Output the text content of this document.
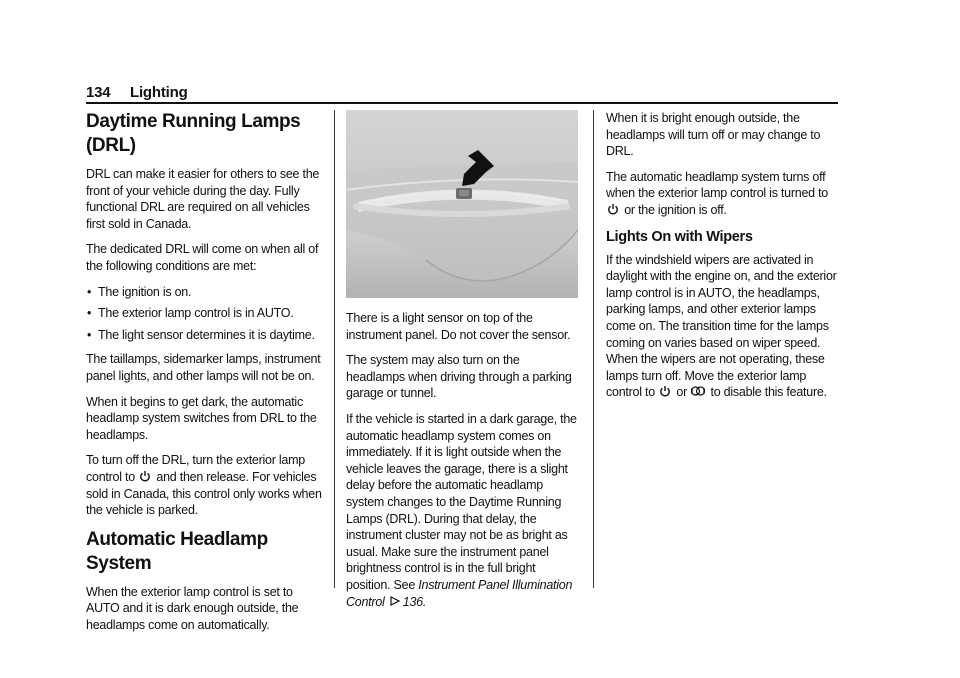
134 Lighting
Daytime Running Lamps (DRL)

DRL can make it easier for others to see the front of your vehicle during the day. Fully functional DRL are required on all vehicles first sold in Canada.

The dedicated DRL will come on when all of the following conditions are met:

• The ignition is on.
• The exterior lamp control is in AUTO.
• The light sensor determines it is daytime.

The taillamps, sidemarker lamps, instrument panel lights, and other lamps will not be on.

When it begins to get dark, the automatic headlamp system switches from DRL to the headlamps.

To turn off the DRL, turn the exterior lamp control to and then release. For vehicles sold in Canada, this control only works when the vehicle is parked.

Automatic Headlamp System

When the exterior lamp control is set to AUTO and it is dark enough outside, the headlamps come on automatically.

There is a light sensor on top of the instrument panel. Do not cover the sensor.

The system may also turn on the headlamps when driving through a parking garage or tunnel.

If the vehicle is started in a dark garage, the automatic headlamp system comes on immediately. If it is light outside when the vehicle leaves the garage, there is a slight delay before the automatic headlamp system changes to the Daytime Running Lamps (DRL). During that delay, the instrument cluster may not be as bright as usual. Make sure the instrument panel brightness control is in the full bright position. See Instrument Panel Illumination Control 136.

When it is bright enough outside, the headlamps will turn off or may change to DRL.

The automatic headlamp system turns off when the exterior lamp control is turned to  or the ignition is off.

Lights On with Wipers

If the windshield wipers are activated in daylight with the engine on, and the exterior lamp control is in AUTO, the headlamps, parking lamps, and other exterior lamps come on. The transition time for the lamps coming on varies based on wiper speed. When the wipers are not operating, these lamps turn off. Move the exterior lamp control to or to disable this feature.
